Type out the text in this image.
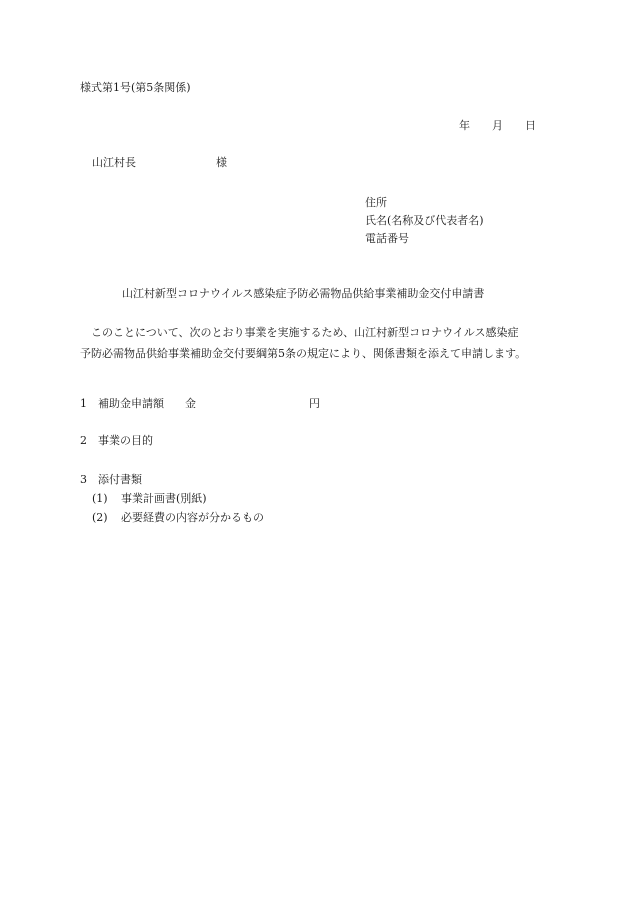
様式第1号(第5条関係)
年 月 日
山江村長	様
住所
氏名(名称及び代表者名)
電話番号
山江村新型コロナウイルス感染症予防必需物品供給事業補助金交付申請書

　このことについて、次のとおり事業を実施するため、山江村新型コロナウイルス感染症

予防必需物品供給事業補助金交付要綱第5条の規定により、関係書類を添えて申請します。

1 補助金申請額 金	円
2 事業の目的
3 添付書類
(1) 事業計画書(別紙)
(2) 必要経費の内容が分かるもの
